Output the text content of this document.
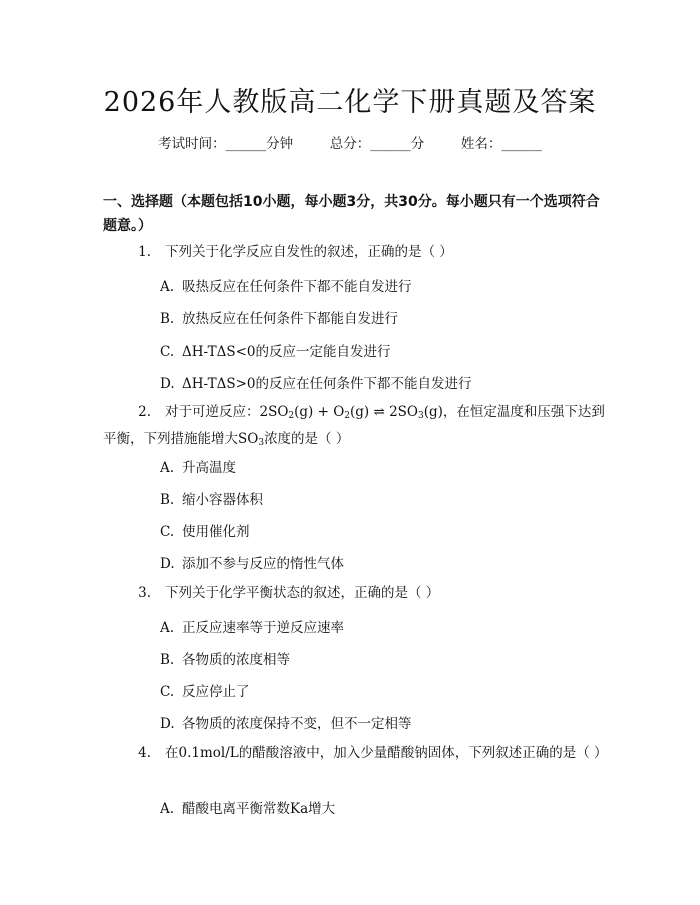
2026年人教版高二化学下册真题及答案
考试时间：______分钟	总分：______分	姓名：______
一、选择题（本题包括10小题，每小题3分，共30分。每小题只有一个选项符合题意。）
1. 下列关于化学反应自发性的叙述，正确的是（ ）
A. 吸热反应在任何条件下都不能自发进行
B. 放热反应在任何条件下都能自发进行
C. ΔH-TΔS<0的反应一定能自发进行
D. ΔH-TΔS>0的反应在任何条件下都不能自发进行
2. 对于可逆反应：$2SO_2(g) + O_2(g)$ ⇌ $2SO_3(g)$，在恒定温度和压强下达到平衡，下列措施能增大$SO_3$浓度的是（ ）
A. 升高温度
B. 缩小容器体积
C. 使用催化剂
D. 添加不参与反应的惰性气体
3. 下列关于化学平衡状态的叙述，正确的是（ ）
A. 正反应速率等于逆反应速率
B. 各物质的浓度相等
C. 反应停止了
D. 各物质的浓度保持不变，但不一定相等
4. 在0.1mol/L的醋酸溶液中，加入少量醋酸钠固体，下列叙述正确的是（ ）
A. 醋酸电离平衡常数Ka增大
